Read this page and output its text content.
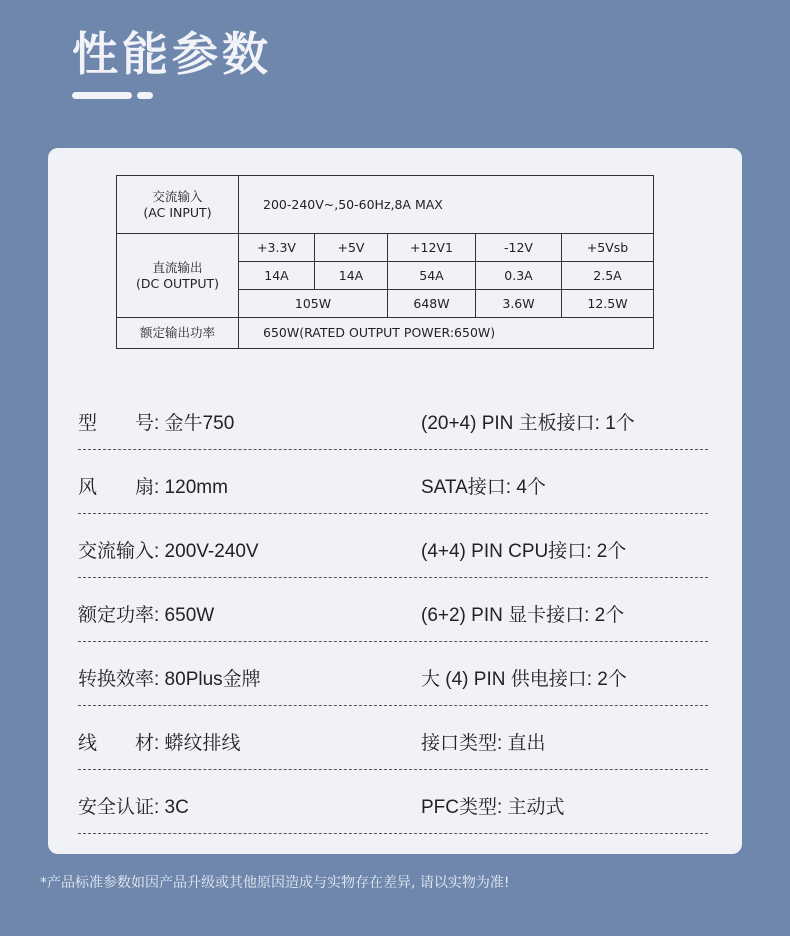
性能参数
交流输入
(AC INPUT)	200-240V~,50-60Hz,8A MAX				

直流输出
(DC OUTPUT)	+3.3V	+5V	+12V1	-12V	+5Vsb
	14A	14A	54A	0.3A	2.5A
	105W		648W	3.6W	12.5W
额定输出功率	650W(RATED OUTPUT POWER:650W)				
型　　号: 金牛750	(20+4) PIN 主板接口: 1个
风　　扇: 120mm	SATA接口: 4个
交流输入: 200V-240V	(4+4) PIN CPU接口: 2个
额定功率: 650W	(6+2) PIN 显卡接口: 2个
转换效率: 80Plus金牌	大 (4) PIN 供电接口: 2个
线　　材: 蟒纹排线	接口类型: 直出
安全认证: 3C	PFC类型: 主动式
*产品标准参数如因产品升级或其他原因造成与实物存在差异, 请以实物为准!
